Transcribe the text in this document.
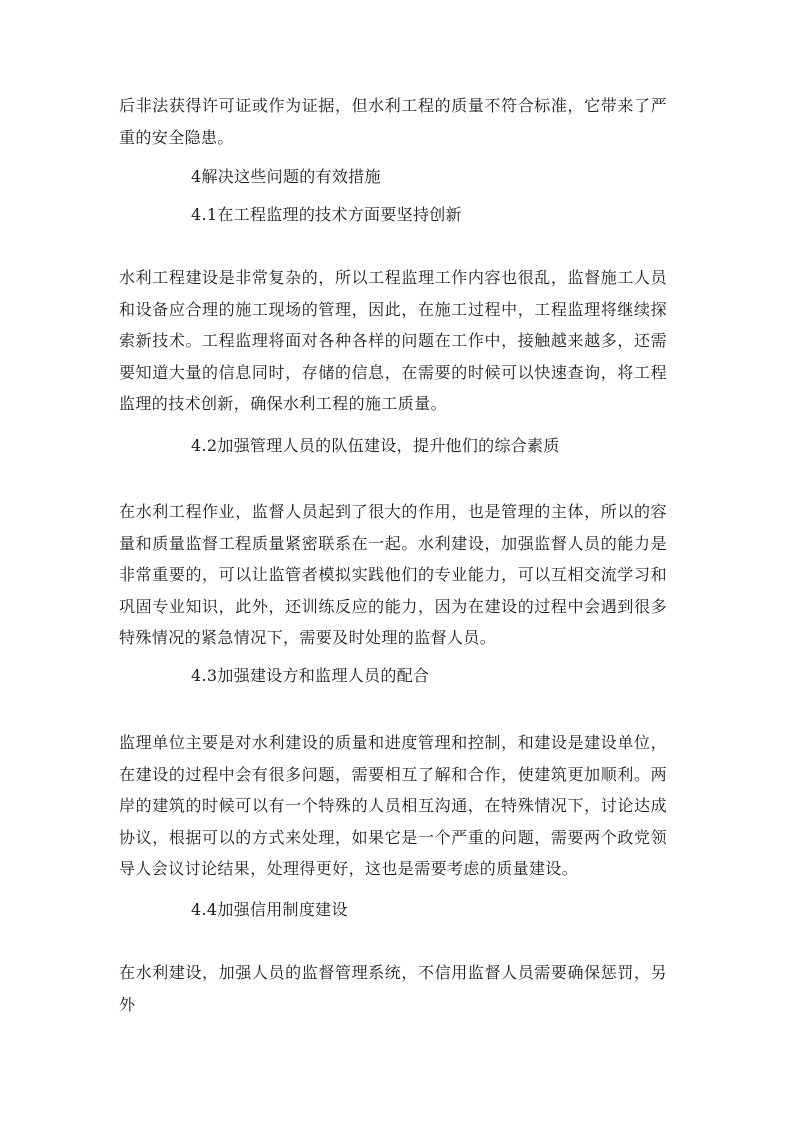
后非法获得许可证或作为证据，但水利工程的质量不符合标准，它带来了严重的安全隐患。

4解决这些问题的有效措施

4.1在工程监理的技术方面要坚持创新

水利工程建设是非常复杂的，所以工程监理工作内容也很乱，监督施工人员和设备应合理的施工现场的管理，因此，在施工过程中，工程监理将继续探索新技术。工程监理将面对各种各样的问题在工作中，接触越来越多，还需要知道大量的信息同时，存储的信息，在需要的时候可以快速查询，将工程监理的技术创新，确保水利工程的施工质量。

4.2加强管理人员的队伍建设，提升他们的综合素质

在水利工程作业，监督人员起到了很大的作用，也是管理的主体，所以的容量和质量监督工程质量紧密联系在一起。水利建设，加强监督人员的能力是非常重要的，可以让监管者模拟实践他们的专业能力，可以互相交流学习和巩固专业知识，此外，还训练反应的能力，因为在建设的过程中会遇到很多特殊情况的紧急情况下，需要及时处理的监督人员。

4.3加强建设方和监理人员的配合

监理单位主要是对水利建设的质量和进度管理和控制，和建设是建设单位，在建设的过程中会有很多问题，需要相互了解和合作，使建筑更加顺利。两岸的建筑的时候可以有一个特殊的人员相互沟通，在特殊情况下，讨论达成协议，根据可以的方式来处理，如果它是一个严重的问题，需要两个政党领导人会议讨论结果，处理得更好，这也是需要考虑的质量建设。

4.4加强信用制度建设

在水利建设，加强人员的监督管理系统，不信用监督人员需要确保惩罚，另外
